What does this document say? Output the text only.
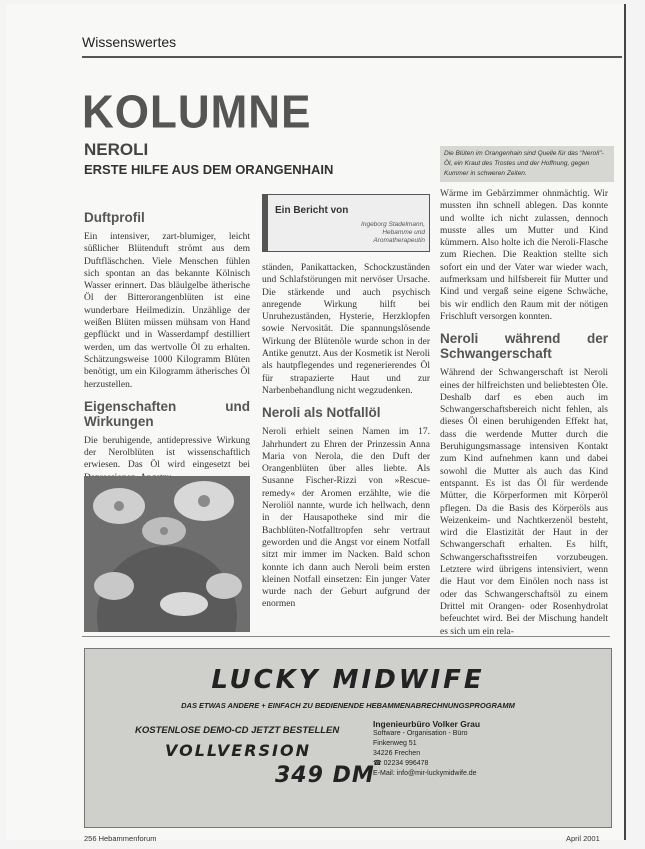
Wissenswertes
KOLUMNE
NEROLI
ERSTE HILFE AUS DEM ORANGENHAIN
Die Blüten im Orangenhain sind Quelle für das "Neroli"-Öl, ein Kraut des Trostes und der Hoffnung, gegen Kummer in schweren Zeiten.
Duftprofil

Ein intensiver, zart-blumiger, leicht süßlicher Blütenduft strömt aus dem Duftfläschchen. Viele Menschen fühlen sich spontan an das bekannte Kölnisch Wasser erinnert. Das bläulgelbe ätherische Öl der Bitterorangenblüten ist eine wunderbare Heilmedizin. Unzählige der weißen Blüten müssen mühsam von Hand gepflückt und in Wasserdampf destilliert werden, um das wertvolle Öl zu erhalten. Schätzungsweise 1000 Kilogramm Blüten benötigt, um ein Kilogramm ätherisches Öl herzustellen.

Eigenschaften und Wirkungen

Die beruhigende, antidepressive Wirkung der Nerolblüten ist wissenschaftlich erwiesen. Das Öl wird eingesetzt bei

Ein Bericht von
Ingeborg Stadelmann, Hebamme und Aromatherapeutin

ständen, Panikattacken, Schockzuständen und Schlafstörungen mit nervöser Ursache. Die stärkende und auch psychisch anregende Wirkung hilft bei Unruhezuständen, Hysterie, Herzklopfen sowie Nervosität. Die spannungslösende Wirkung der Blütenöle wurde schon in der Antike genutzt. Aus der Kosmetik ist Neroli als hautpflegendes und regenerierendes Öl für strapazierte Haut und zur Narbenbehandlung nicht wegzudenken.

Neroli als Notfallöl

Neroli erhielt seinen Namen im 17. Jahrhundert zu Ehren der Prinzessin Anna Maria von Nerola, die den Duft der Orangenblüten über alles liebte. Als Susanne Fischer-Rizzi von »Rescue-remedy« der Aromen erzählte, wie die Neroliöl nannte, wurde ich hellwach, denn in der Hausapotheke sind mir die Bachblüten-Notfalltropfen sehr vertraut geworden und die Angst vor einem Notfall sitzt mir immer im Nacken. Bald schon konnte ich dann auch Neroli beim ersten kleinen Notfall einsetzen: Ein junger Vater wurde nach der Geburt aufgrund der enormen

Wärme im Gebärzimmer ohnmächtig. Wir mussten ihn schnell ablegen. Das konnte und wollte ich nicht zulassen, dennoch musste alles um Mutter und Kind kümmern. Also holte ich die Neroli-Flasche zum Riechen. Die Reaktion stellte sich sofort ein und der Vater war wieder wach, aufmerksam und hilfsbereit für Mutter und Kind und vergaß seine eigene Schwäche, bis wir endlich den Raum mit der nötigen Frischluft versorgen konnten.

Neroli während der Schwangerschaft

Während der Schwangerschaft ist Neroli eines der hilfreichsten und beliebtesten Öle. Deshalb darf es eben auch im Schwangerschaftsbereich nicht fehlen, als dieses Öl einen beruhigenden Effekt hat, dass die werdende Mutter durch die Beruhigungsmassage intensiven Kontakt zum Kind aufnehmen kann und dabei sowohl die Mutter als auch das Kind entspannt. Es ist das Öl für werdende Mütter, die Körperformen mit Körperöl pflegen. Da die Basis des Körperöls aus Weizenkeim- und Nachtkerzenöl besteht, wird die Elastizität der Haut in der Schwangerschaft erhalten. Es hilft, Schwangerschaftsstreifen vorzubeugen. Letztere wird übrigens intensiviert, wenn die Haut vor dem Einölen noch nass ist oder das Schwangerschaftsöl zu einem Drittel mit Orangen- oder Rosenhydrolat befeuchtet wird. Bei der Mischung handelt es sich um ein rela-

LUCKY MIDWIFE
DAS ETWAS ANDERE + EINFACH ZU BEDIENENDE HEBAMMENABRECHNUNGSPROGRAMM
KOSTENLOSE DEMO-CD JETZT BESTELLEN
VOLLVERSION
349 DM
Ingenieurbüro Volker Grau
Software - Organisation - Büro
Finkenweg 51
34226 Frechen
☎ 02234 996478
E-Mail: info@mir-luckymidwife.de
256 Hebammenforum	April 2001
